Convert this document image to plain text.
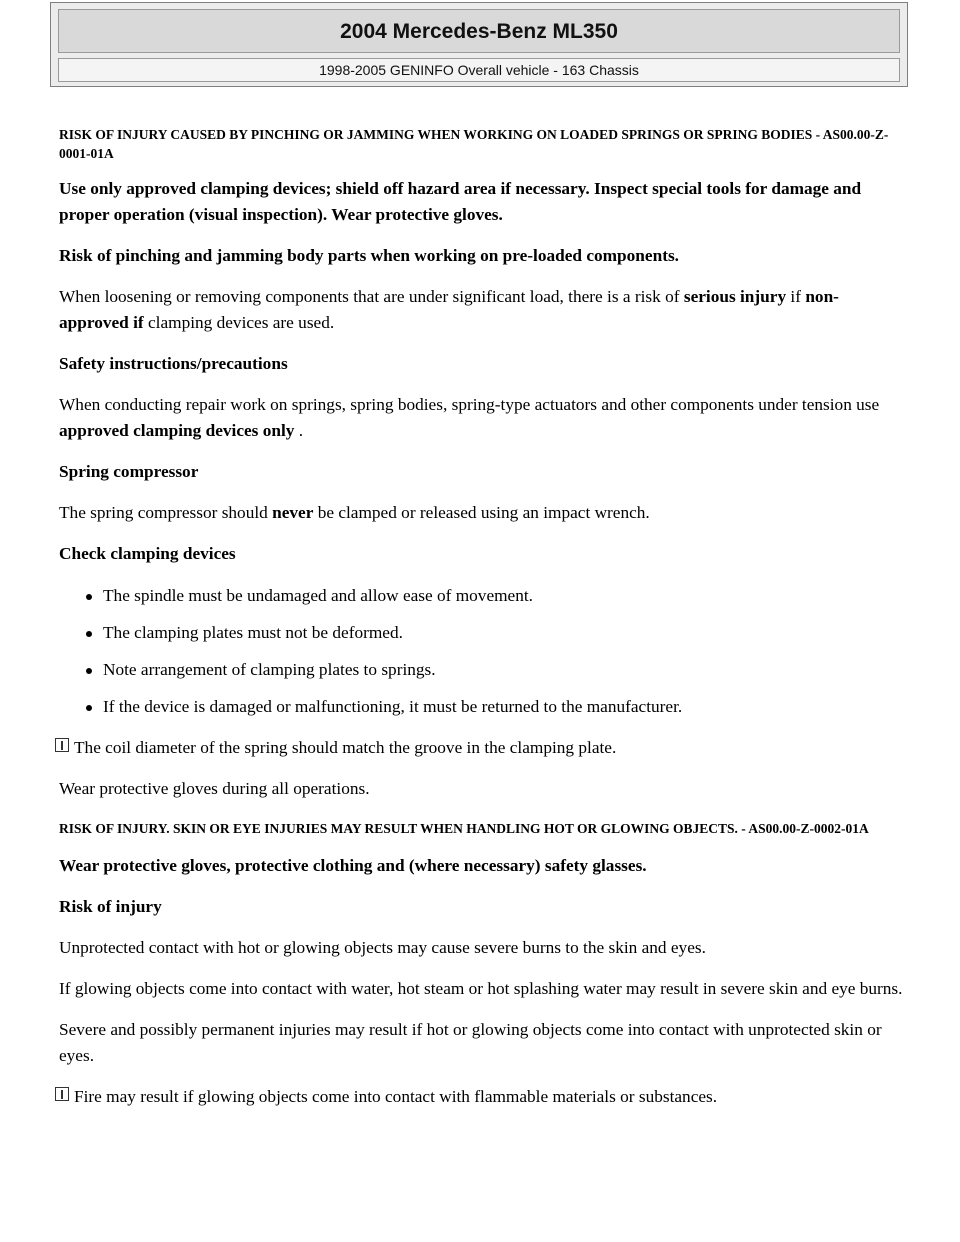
2004 Mercedes-Benz ML350
1998-2005 GENINFO Overall vehicle - 163 Chassis

RISK OF INJURY CAUSED BY PINCHING OR JAMMING WHEN WORKING ON LOADED SPRINGS OR SPRING BODIES - AS00.00-Z-0001-01A

Use only approved clamping devices; shield off hazard area if necessary. Inspect special tools for damage and proper operation (visual inspection). Wear protective gloves.

Risk of pinching and jamming body parts when working on pre-loaded components.

When loosening or removing components that are under significant load, there is a risk of serious injury if non-approved if clamping devices are used.

Safety instructions/precautions

When conducting repair work on springs, spring bodies, spring-type actuators and other components under tension use approved clamping devices only .

Spring compressor

The spring compressor should never be clamped or released using an impact wrench.

Check clamping devices

The spindle must be undamaged and allow ease of movement.
The clamping plates must not be deformed.
Note arrangement of clamping plates to springs.
If the device is damaged or malfunctioning, it must be returned to the manufacturer.

The coil diameter of the spring should match the groove in the clamping plate.

Wear protective gloves during all operations.

RISK OF INJURY. SKIN OR EYE INJURIES MAY RESULT WHEN HANDLING HOT OR GLOWING OBJECTS. - AS00.00-Z-0002-01A

Wear protective gloves, protective clothing and (where necessary) safety glasses.

Risk of injury

Unprotected contact with hot or glowing objects may cause severe burns to the skin and eyes.

If glowing objects come into contact with water, hot steam or hot splashing water may result in severe skin and eye burns.

Severe and possibly permanent injuries may result if hot or glowing objects come into contact with unprotected skin or eyes.

Fire may result if glowing objects come into contact with flammable materials or substances.
